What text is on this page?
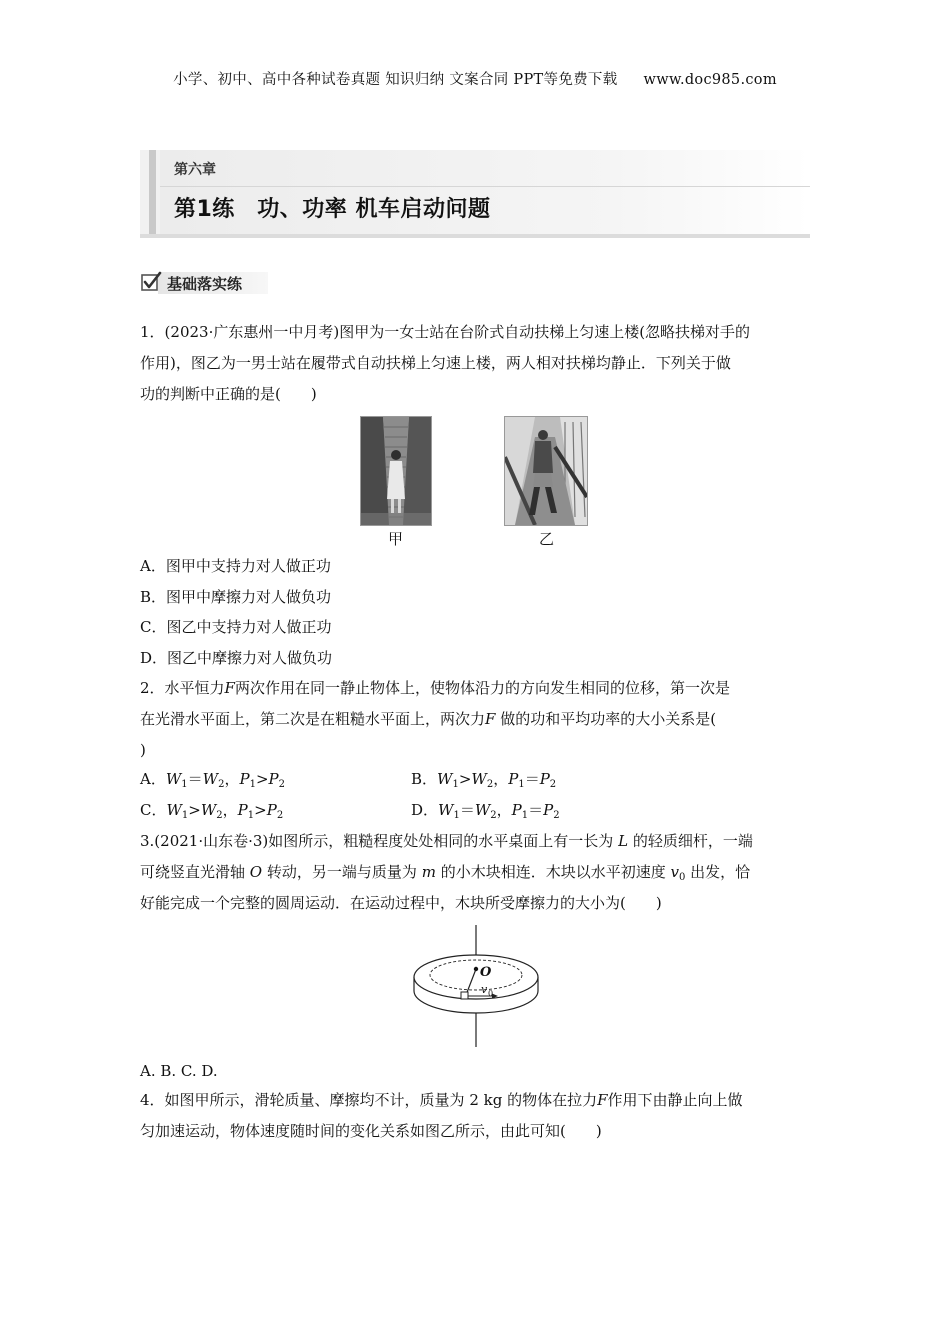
小学、初中、高中各种试卷真题 知识归纳 文案合同 PPT等免费下载 www.doc985.com
第六章
第1练　功、功率 机车启动问题
基础落实练
1．(2023·广东惠州一中月考)图甲为一女士站在台阶式自动扶梯上匀速上楼(忽略扶梯对手的
作用)，图乙为一男士站在履带式自动扶梯上匀速上楼，两人相对扶梯均静止．下列关于做
功的判断中正确的是(　　)
甲	乙
A．图甲中支持力对人做正功
B．图甲中摩擦力对人做负功
C．图乙中支持力对人做正功
D．图乙中摩擦力对人做负功
2．水平恒力F两次作用在同一静止物体上，使物体沿力的方向发生相同的位移，第一次是
在光滑水平面上，第二次是在粗糙水平面上，两次力F 做的功和平均功率的大小关系是(
)
A．$W_1=W_2$，$P_1>P_2$	B．$W_1>W_2$，$P_1=P_2$
C．$W_1>W_2$，$P_1>P_2$	D．$W_1=W_2$，$P_1=P_2$
3.(2021·山东卷·3)如图所示，粗糙程度处处相同的水平桌面上有一长为 L 的轻质细杆，一端
可绕竖直光滑轴 O 转动，另一端与质量为 m 的小木块相连．木块以水平初速度 $v_0$ 出发，恰
好能完成一个完整的圆周运动．在运动过程中，木块所受摩擦力的大小为(　　)
O
v 0
A. B. C. D.
4．如图甲所示，滑轮质量、摩擦均不计，质量为 2 kg 的物体在拉力F作用下由静止向上做
匀加速运动，物体速度随时间的变化关系如图乙所示，由此可知(　　)
